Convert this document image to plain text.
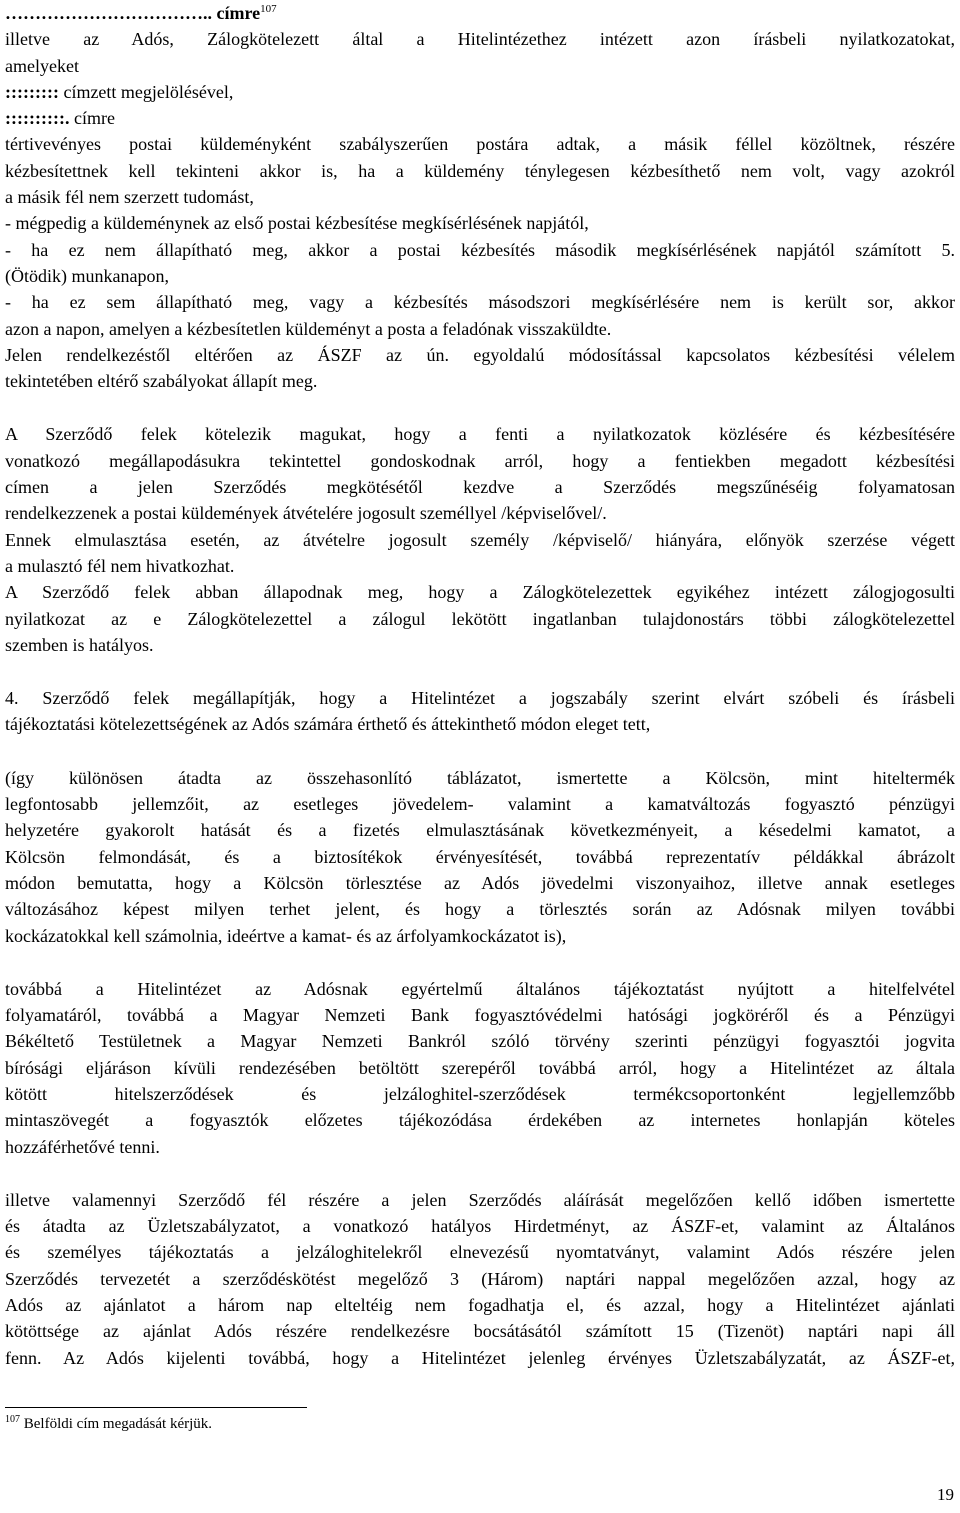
…………………………….. címre$^{107}$
illetve az Adós, Zálogkötelezett által a Hitelintézethez intézett azon írásbeli nyilatkozatokat,
amelyeket
::::::::: címzett megjelölésével,
::::::::::. címre
tértivevényes postai küldeményként szabályszerűen postára adtak, a másik féllel közöltnek, részére
kézbesítettnek kell tekinteni akkor is, ha a küldemény ténylegesen kézbesíthető nem volt, vagy azokról
a másik fél nem szerzett tudomást,
- mégpedig a küldeménynek az első postai kézbesítése megkísérlésének napjától,
- ha ez nem állapítható meg, akkor a postai kézbesítés második megkísérlésének napjától számított 5.
(Ötödik) munkanapon,
- ha ez sem állapítható meg, vagy a kézbesítés másodszori megkísérlésére nem is került sor, akkor
azon a napon, amelyen a kézbesítetlen küldeményt a posta a feladónak visszaküldte.
Jelen rendelkezéstől eltérően az ÁSZF az ún. egyoldalú módosítással kapcsolatos kézbesítési vélelem
tekintetében eltérő szabályokat állapít meg.
A Szerződő felek kötelezik magukat, hogy a fenti a nyilatkozatok közlésére és kézbesítésére
vonatkozó megállapodásukra tekintettel gondoskodnak arról, hogy a fentiekben megadott kézbesítési
címen a jelen Szerződés megkötésétől kezdve a Szerződés megszűnéséig folyamatosan
rendelkezzenek a postai küldemények átvételére jogosult személlyel /képviselővel/.
Ennek elmulasztása esetén, az átvételre jogosult személy /képviselő/ hiányára, előnyök szerzése végett
a mulasztó fél nem hivatkozhat.
A Szerződő felek abban állapodnak meg, hogy a Zálogkötelezettek egyikéhez intézett zálogjogosulti
nyilatkozat az e Zálogkötelezettel a zálogul lekötött ingatlanban tulajdonostárs többi zálogkötelezettel
szemben is hatályos.
4. Szerződő felek megállapítják, hogy a Hitelintézet a jogszabály szerint elvárt szóbeli és írásbeli
tájékoztatási kötelezettségének az Adós számára érthető és áttekinthető módon eleget tett,
(így különösen átadta az összehasonlító táblázatot, ismertette a Kölcsön, mint hiteltermék
legfontosabb jellemzőit, az esetleges jövedelem- valamint a kamatváltozás fogyasztó pénzügyi
helyzetére gyakorolt hatását és a fizetés elmulasztásának következményeit, a késedelmi kamatot, a
Kölcsön felmondását, és a biztosítékok érvényesítését, továbbá reprezentatív példákkal ábrázolt
módon bemutatta, hogy a Kölcsön törlesztése az Adós jövedelmi viszonyaihoz, illetve annak esetleges
változásához képest milyen terhet jelent, és hogy a törlesztés során az Adósnak milyen további
kockázatokkal kell számolnia, ideértve a kamat- és az árfolyamkockázatot is),
továbbá a Hitelintézet az Adósnak egyértelmű általános tájékoztatást nyújtott a hitelfelvétel
folyamatáról, továbbá a Magyar Nemzeti Bank fogyasztóvédelmi hatósági jogköréről és a Pénzügyi
Békéltető Testületnek a Magyar Nemzeti Bankról szóló törvény szerinti pénzügyi fogyasztói jogvita
bírósági eljáráson kívüli rendezésében betöltött szerepéről továbbá arról, hogy a Hitelintézet az általa
kötött hitelszerződések és jelzáloghitel-szerződések termékcsoportonként legjellemzőbb
mintaszövegét a fogyasztók előzetes tájékozódása érdekében az internetes honlapján köteles
hozzáférhetővé tenni.
illetve valamennyi Szerződő fél részére a jelen Szerződés aláírását megelőzően kellő időben ismertette
és átadta az Üzletszabályzatot, a vonatkozó hatályos Hirdetményt, az ÁSZF-et, valamint az Általános
és személyes tájékoztatás a jelzáloghitelekről elnevezésű nyomtatványt, valamint Adós részére jelen
Szerződés tervezetét a szerződéskötést megelőző 3 (Három) naptári nappal megelőzően azzal, hogy az
Adós az ajánlatot a három nap elteltéig nem fogadhatja el, és azzal, hogy a Hitelintézet ajánlati
kötöttsége az ajánlat Adós részére rendelkezésre bocsátásától számított 15 (Tizenöt) naptári napi áll
fenn. Az Adós kijelenti továbbá, hogy a Hitelintézet jelenleg érvényes Üzletszabályzatát, az ÁSZF-et,
$^{107}$ Belföldi cím megadását kérjük.
19
